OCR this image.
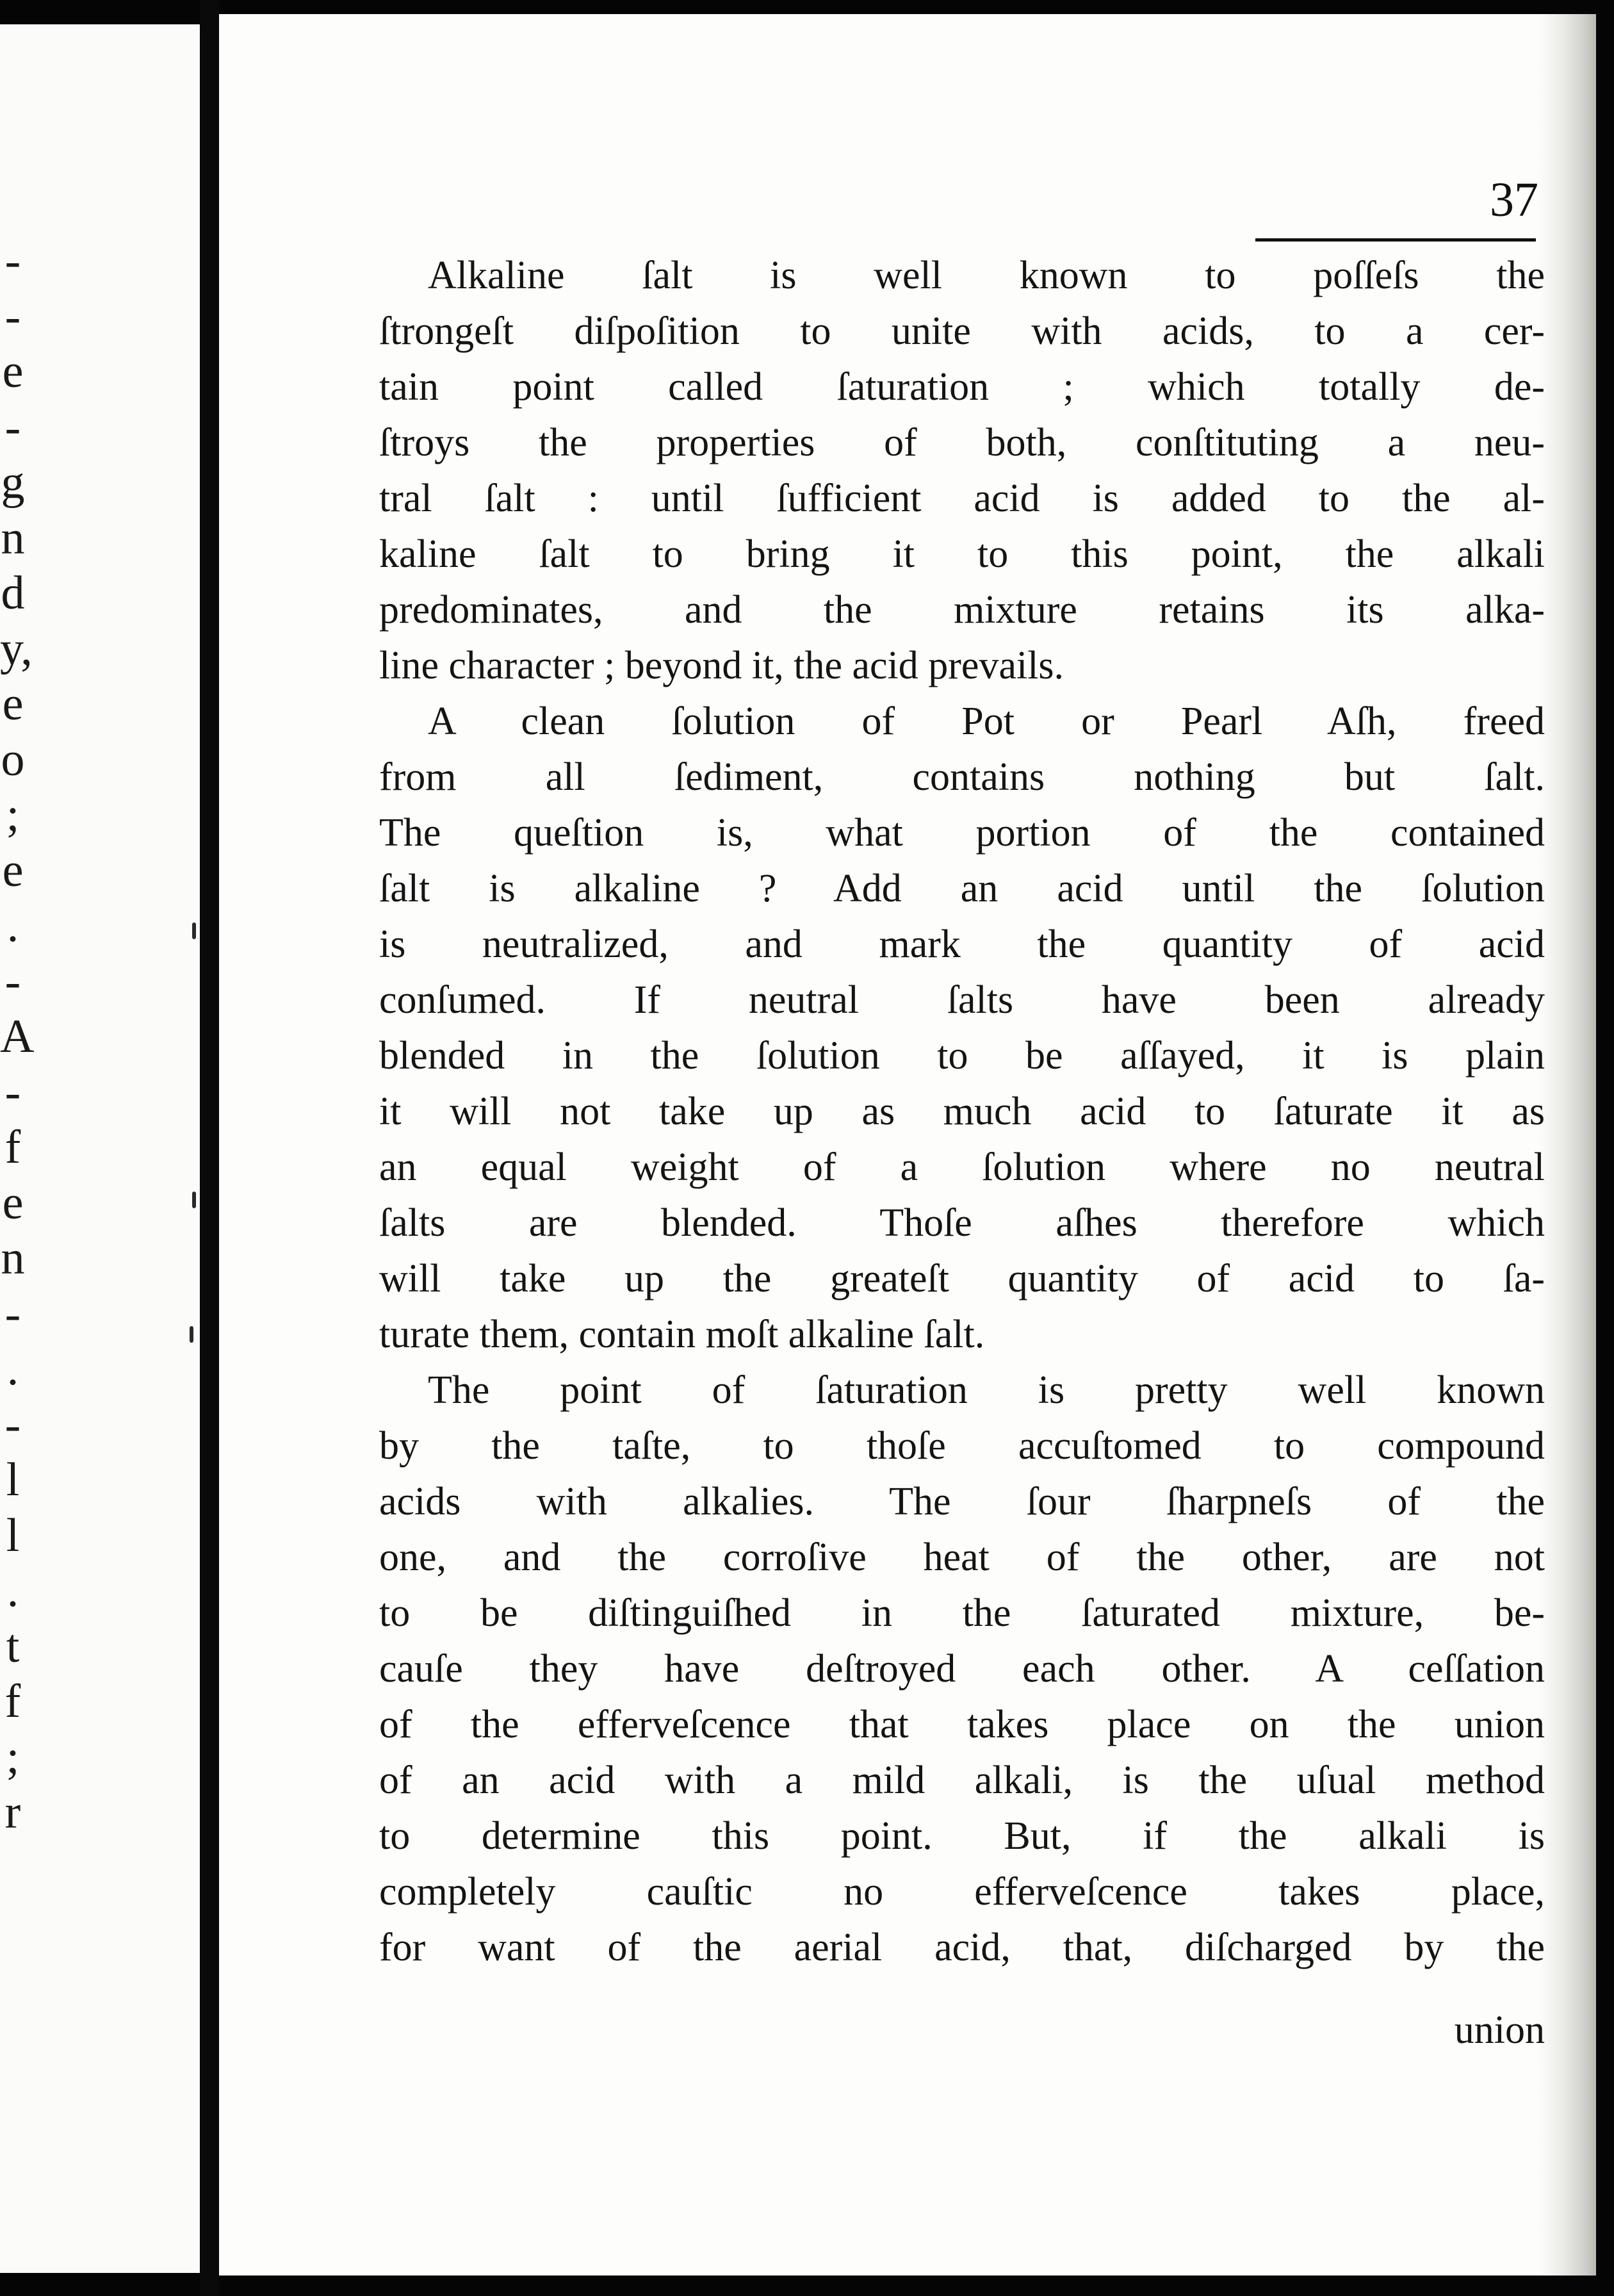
-
-
e
-
g
n
d
y,
e
o
;
e
.
-
A
-
f
e
n
-
.
-
l
l
.
t
f
;
r
37

Alkaline ſalt is well known to poſſeſs the
ſtrongeſt diſpoſition to unite with acids, to a cer-
tain point called ſaturation ; which totally de-
ſtroys the properties of both, conſtituting a neu-
tral ſalt : until ſufficient acid is added to the al-
kaline ſalt to bring it to this point, the alkali
predominates, and the mixture retains its alka-
line character ; beyond it, the acid prevails.

A clean ſolution of Pot or Pearl Aſh, freed
from all ſediment, contains nothing but ſalt.
The queſtion is, what portion of the contained
ſalt is alkaline ? Add an acid until the ſolution
is neutralized, and mark the quantity of acid
conſumed. If neutral ſalts have been already
blended in the ſolution to be aſſayed, it is plain
it will not take up as much acid to ſaturate it as
an equal weight of a ſolution where no neutral
ſalts are blended. Thoſe aſhes therefore which
will take up the greateſt quantity of acid to ſa-
turate them, contain moſt alkaline ſalt.

The point of ſaturation is pretty well known
by the taſte, to thoſe accuſtomed to compound
acids with alkalies. The ſour ſharpneſs of the
one, and the corroſive heat of the other, are not
to be diſtinguiſhed in the ſaturated mixture, be-
cauſe they have deſtroyed each other. A ceſſation
of the effervеſcence that takes place on the union
of an acid with a mild alkali, is the uſual method
to determine this point. But, if the alkali is
completely cauſtic no effervеſcence takes place,
for want of the aerial acid, that, diſcharged by the

union
